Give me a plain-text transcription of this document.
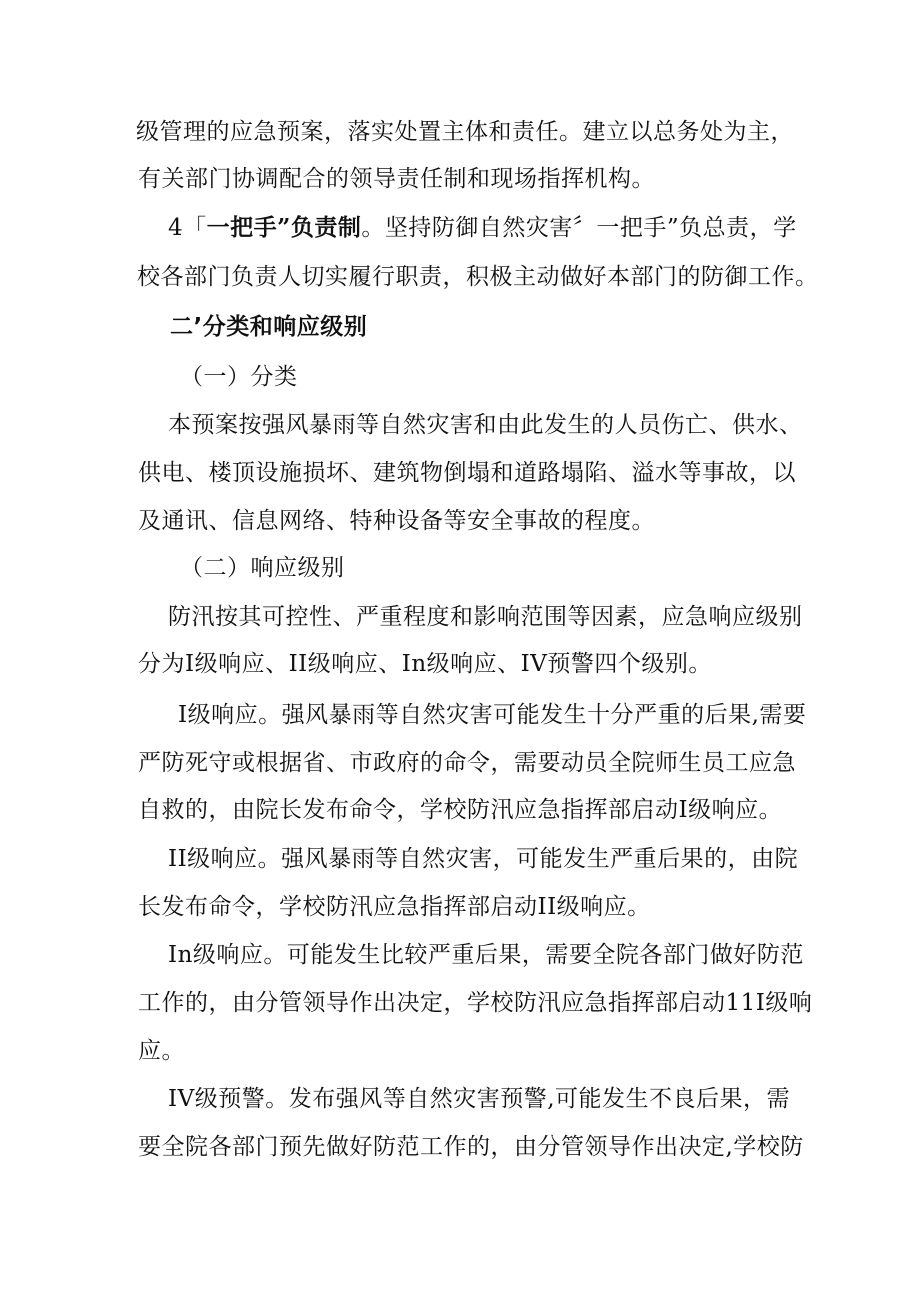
级管理的应急预案，落实处置主体和责任。建立以总务处为主，
有关部门协调配合的领导责任制和现场指挥机构。
4「一把手”负责制。坚持防御自然灾害〞一把手”负总责，学
校各部门负责人切实履行职责，积极主动做好本部门的防御工作。
二’分类和响应级别
（一）分类
本预案按强风暴雨等自然灾害和由此发生的人员伤亡、供水、
供电、楼顶设施损坏、建筑物倒塌和道路塌陷、溢水等事故，以
及通讯、信息网络、特种设备等安全事故的程度。
（二）响应级别
防汛按其可控性、严重程度和影响范围等因素，应急响应级别
分为I级响应、II级响应、In级响应、IV预警四个级别。
I级响应。强风暴雨等自然灾害可能发生十分严重的后果,需要
严防死守或根据省、市政府的命令，需要动员全院师生员工应急
自救的，由院长发布命令，学校防汛应急指挥部启动I级响应。
II级响应。强风暴雨等自然灾害，可能发生严重后果的，由院
长发布命令，学校防汛应急指挥部启动II级响应。
In级响应。可能发生比较严重后果，需要全院各部门做好防范
工作的，由分管领导作出决定，学校防汛应急指挥部启动11I级响
应。
IV级预警。发布强风等自然灾害预警,可能发生不良后果，需
要全院各部门预先做好防范工作的，由分管领导作出决定,学校防
